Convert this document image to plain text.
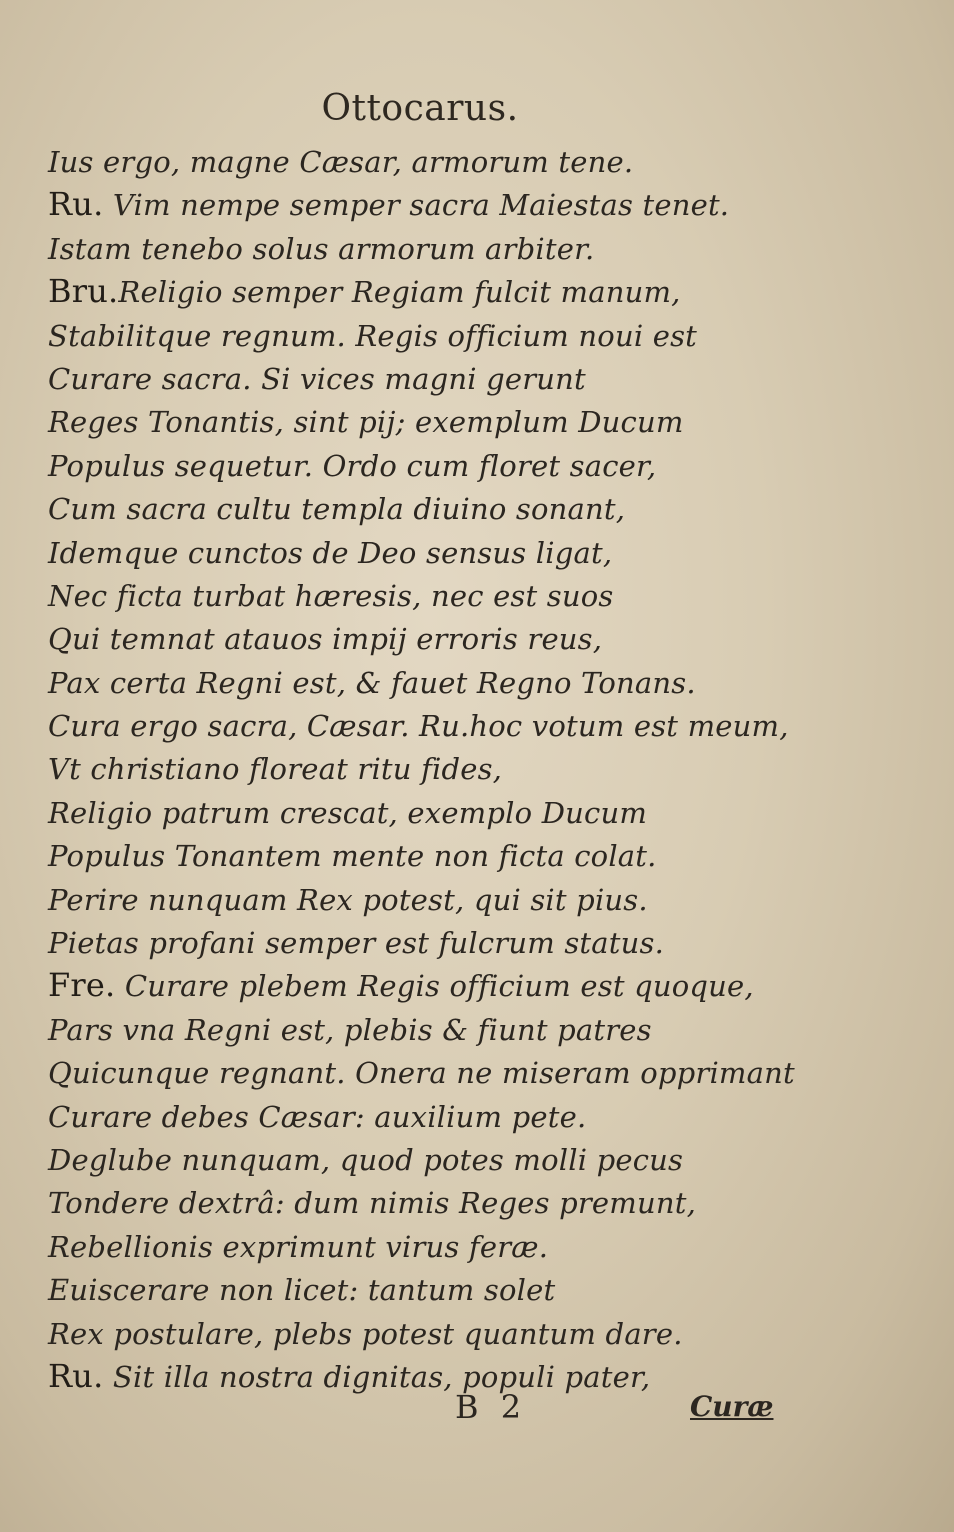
Ottocarus.
Ius ergo, magne Cæsar, armorum tene.
Ru. Vim nempe semper sacra Maiestas tenet.
Istam tenebo solus armorum arbiter.
Bru.Religio semper Regiam fulcit manum,
Stabilitque regnum. Regis officium noui est
Curare sacra. Si vices magni gerunt
Reges Tonantis, sint pij; exemplum Ducum
Populus sequetur. Ordo cum floret sacer,
Cum sacra cultu templa diuino sonant,
Idemque cunctos de Deo sensus ligat,
Nec ficta turbat hæresis, nec est suos
Qui temnat atauos impij erroris reus,
Pax certa Regni est, & fauet Regno Tonans.
Cura ergo sacra, Cæsar. Ru.hoc votum est meum,
Vt christiano floreat ritu fides,
Religio patrum crescat, exemplo Ducum
Populus Tonantem mente non ficta colat.
Perire nunquam Rex potest, qui sit pius.
Pietas profani semper est fulcrum status.
Fre. Curare plebem Regis officium est quoque,
Pars vna Regni est, plebis & fiunt patres
Quicunque regnant. Onera ne miseram opprimant
Curare debes Cæsar: auxilium pete.
Deglube nunquam, quod potes molli pecus
Tondere dextrâ: dum nimis Reges premunt,
Rebellionis exprimunt virus feræ.
Euiscerare non licet: tantum solet
Rex postulare, plebs potest quantum dare.
Ru. Sit illa nostra dignitas, populi pater,
B 2	Curæ
